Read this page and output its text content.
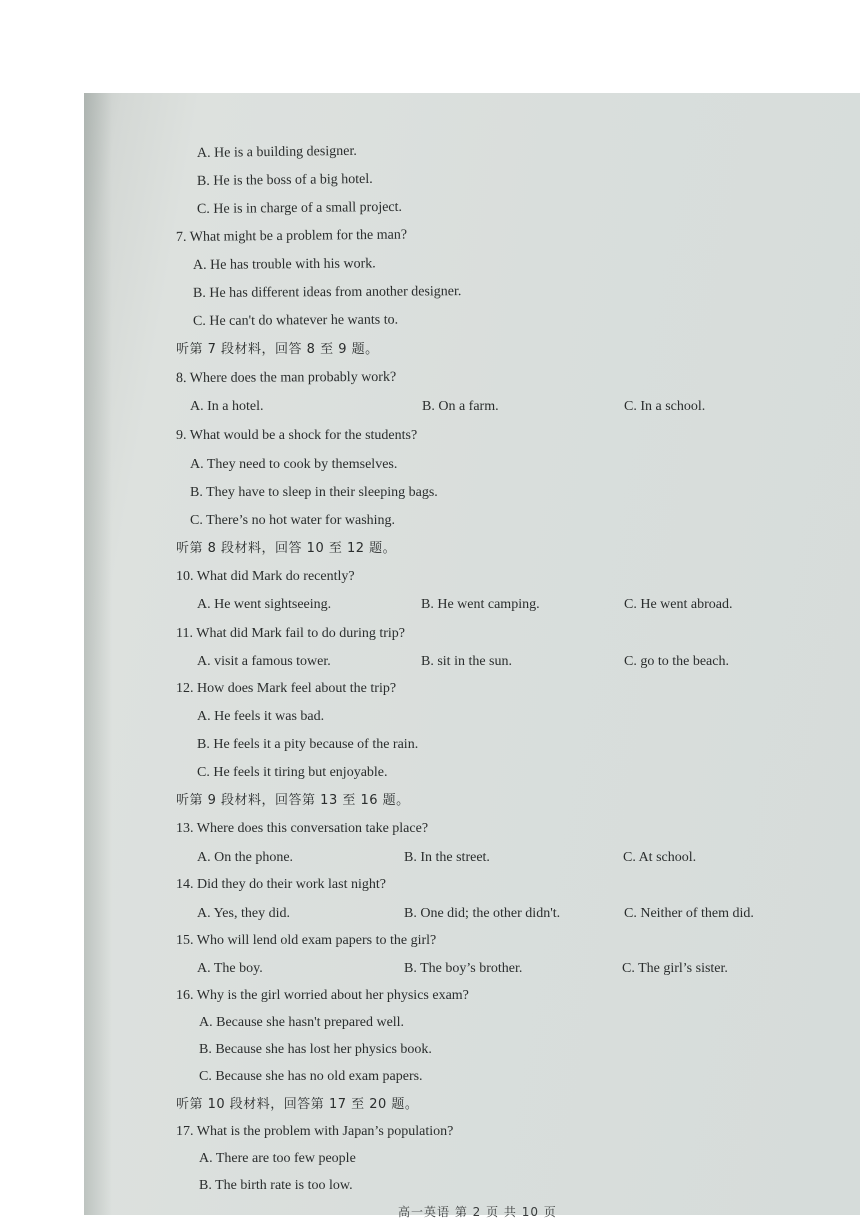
A. He is a building designer.
B. He is the boss of a big hotel.
C. He is in charge of a small project.
7. What might be a problem for the man?
A. He has trouble with his work.
B. He has different ideas from another designer.
C. He can't do whatever he wants to.
听第 7 段材料，回答 8 至 9 题。
8. Where does the man probably work?
A. In a hotel.	B. On a farm.	C. In a school.
9. What would be a shock for the students?
A. They need to cook by themselves.
B. They have to sleep in their sleeping bags.
C. There’s no hot water for washing.
听第 8 段材料，回答 10 至 12 题。
10. What did Mark do recently?
A. He went sightseeing.	B. He went camping.	C. He went abroad.
11. What did Mark fail to do during trip?
A. visit a famous tower.	B. sit in the sun.	C. go to the beach.
12. How does Mark feel about the trip?
A. He feels it was bad.
B. He feels it a pity because of the rain.
C. He feels it tiring but enjoyable.
听第 9 段材料，回答第 13 至 16 题。
13. Where does this conversation take place?
A. On the phone.	B. In the street.	C. At school.
14. Did they do their work last night?
A. Yes, they did.	B. One did; the other didn't.	C. Neither of them did.
15. Who will lend old exam papers to the girl?
A. The boy.	B. The boy’s brother.	C. The girl’s sister.
16. Why is the girl worried about her physics exam?
A. Because she hasn't prepared well.
B. Because she has lost her physics book.
C. Because she has no old exam papers.
听第 10 段材料，回答第 17 至 20 题。
17. What is the problem with Japan’s population?
A. There are too few people
B. The birth rate is too low.
高一英语 第 2 页 共 10 页
